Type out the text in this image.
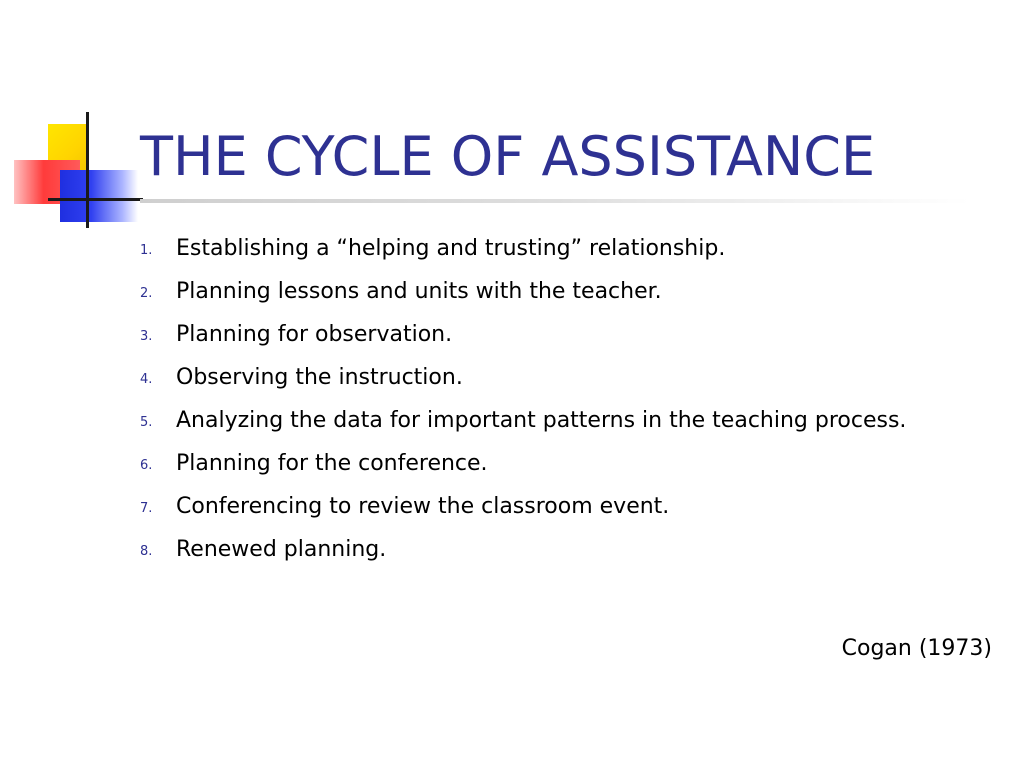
THE CYCLE OF ASSISTANCE
1.	Establishing a “helping and trusting” relationship.
2.	Planning lessons and units with the teacher.
3.	Planning for observation.
4.	Observing the instruction.
5.	Analyzing the data for important patterns in the teaching process.
6.	Planning for the conference.
7.	Conferencing to review the classroom event.
8.	Renewed planning.
Cogan (1973)
